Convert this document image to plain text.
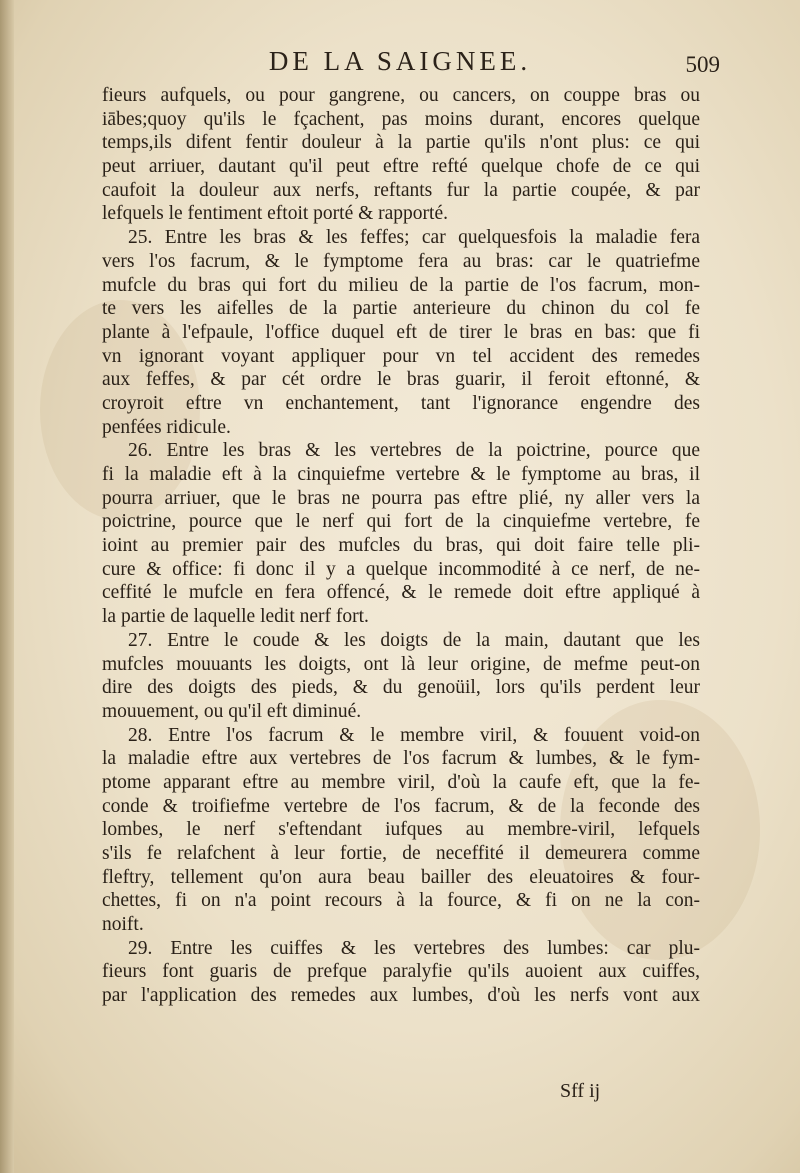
DE LA SAIGNEE.	509
fieurs aufquels, ou pour gangrene, ou cancers, on couppe bras ou
iābes;quoy qu'ils le fçachent, pas moins durant, encores quelque
temps,ils difent fentir douleur à la partie qu'ils n'ont plus: ce qui
peut arriuer, dautant qu'il peut eftre refté quelque chofe de ce qui
caufoit la douleur aux nerfs, reftants fur la partie coupée, & par
lefquels le fentiment eftoit porté & rapporté.
25. Entre les bras & les feffes; car quelquesfois la maladie fera
vers l'os facrum, & le fymptome fera au bras: car le quatriefme
mufcle du bras qui fort du milieu de la partie de l'os facrum, mon-
te vers les aifelles de la partie anterieure du chinon du col fe
plante à l'efpaule, l'office duquel eft de tirer le bras en bas: que fi
vn ignorant voyant appliquer pour vn tel accident des remedes
aux feffes, & par cét ordre le bras guarir, il feroit eftonné, &
croyroit eftre vn enchantement, tant l'ignorance engendre des
penfées ridicule.
26. Entre les bras & les vertebres de la poictrine, pource que
fi la maladie eft à la cinquiefme vertebre & le fymptome au bras, il
pourra arriuer, que le bras ne pourra pas eftre plié, ny aller vers la
poictrine, pource que le nerf qui fort de la cinquiefme vertebre, fe
ioint au premier pair des mufcles du bras, qui doit faire telle pli-
cure & office: fi donc il y a quelque incommodité à ce nerf, de ne-
ceffité le mufcle en fera offencé, & le remede doit eftre appliqué à
la partie de laquelle ledit nerf fort.
27. Entre le coude & les doigts de la main, dautant que les
mufcles mouuants les doigts, ont là leur origine, de mefme peut-on
dire des doigts des pieds, & du genoüil, lors qu'ils perdent leur
mouuement, ou qu'il eft diminué.
28. Entre l'os facrum & le membre viril, & fouuent void-on
la maladie eftre aux vertebres de l'os facrum & lumbes, & le fym-
ptome apparant eftre au membre viril, d'où la caufe eft, que la fe-
conde & troifiefme vertebre de l'os facrum, & de la feconde des
lombes, le nerf s'eftendant iufques au membre-viril, lefquels
s'ils fe relafchent à leur fortie, de neceffité il demeurera comme
fleftry, tellement qu'on aura beau bailler des eleuatoires & four-
chettes, fi on n'a point recours à la fource, & fi on ne la con-
noift.
29. Entre les cuiffes & les vertebres des lumbes: car plu-
fieurs font guaris de prefque paralyfie qu'ils auoient aux cuiffes,
par l'application des remedes aux lumbes, d'où les nerfs vont aux
Sff ij
